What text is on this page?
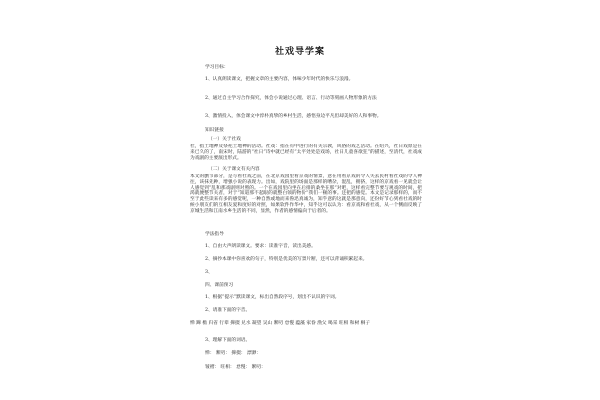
社戏导学案
学习目标：
1、认真朗读课文，把握文章的主要内容，体味少年时代的快乐与浪漫。
2、通过自主学习合作探究，体会小说通过心理、语言、行动等刻画人物形象的方法
3、激情投入，体会课文中淳朴真挚的乡村生活，感悟身边平凡但却美好的人和事物。
知识链接
（一）关于社戏
社，指土地神及祭祀土地神的活动。社戏：指在有中进行的有关宗教，风俗的戏艺活动。在绍兴，社日戏原是在来已久的了，南宋时，陆游的“社日”诗中就已经有“太平处处是戏场，社日儿童喜欲狂”的描述，至清代，社戏成为戏剧的主要演出形式。
（二）关于课文有关内容
本文的删节部分，是写看社戏之前，在北京戏园里看京戏的情景，意在用看京戏的令人失去民村看社戏的令人神往，该抹先种，增强小说的表现力。出如，戏院里的场面是那样的嘈杂，混乱，拥挤，这样的京戏看一见就会让人感觉到“乱和那戏剧则对照的。一个在戏园里向坐在后排的桑坐在那“对吧，这样看完整节要与观戏的时间，把渴就便整节关者，对于“知道那不起眼的就整白领的物价“我们一顿的事。还把的感觉。本文是记录那样的，而不至于此些读来有多的感觉呢，一种自然或地而来鲁迅真诚为，知乎意的这就是那意向，还份好节心到看社戏的时候小朋友们的互相友爱和度好的对照，如果软件作华中，知乎这可以认为：看京戏和看社戏，从一个侧面反映了京城生活和江南水乡生活的不同，显然，作者的感情偏向于后者的。
学法指导
1、自由大声朗读课文。要求：读准字音，读出美感。
2、摘抄本课中你喜欢的句子，特别是优美的写景片断，还可以背诵积累起来。
3、
四、课前预习
1、根据“提示”默读课文，标出自然段序号，划出不认识的字词。
2、请准下面的字音。
惮 蹿 檐 归省 行辈 撺掇 兑水 凝望 吴山 絮叨 怠慢 蕴藻 家眷 渔父 喝采 旺相 和树 桐子
3、理解下面的词语。
惮： 絮叨： 撺掇： 漂渺：
皱褶： 旺相： 怠慢： 絮叨：
